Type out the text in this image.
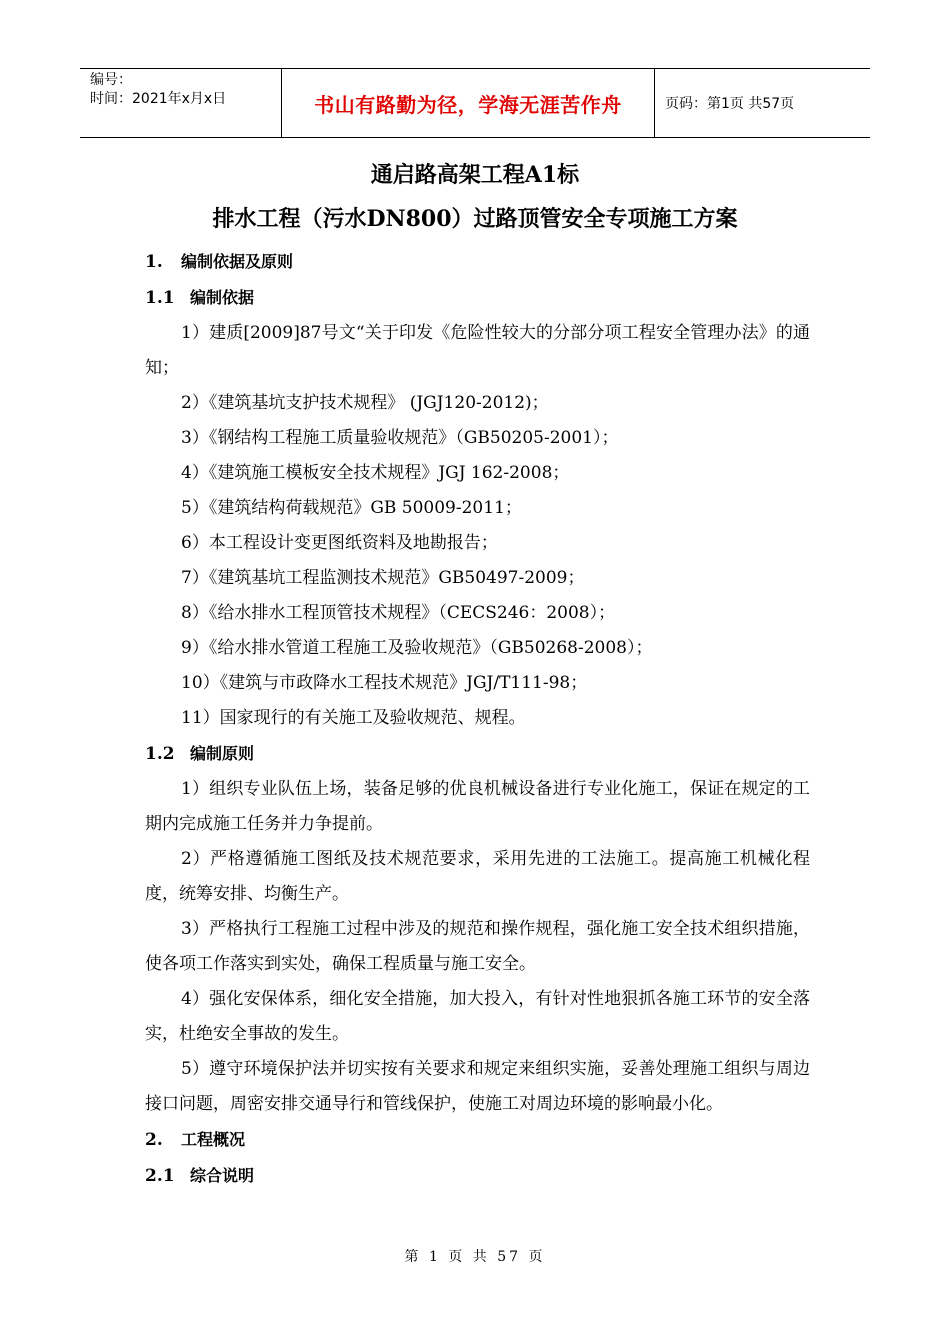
编号：
时间：2021年x月x日	书山有路勤为径，学海无涯苦作舟	页码：第1页 共57页
通启路高架工程A1标
排水工程（污水DN800）过路顶管安全专项施工方案
1.	编制依据及原则
1.1 编制依据

1）建质[2009]87号文“关于印发《危险性较大的分部分项工程安全管理办法》的通知；

2）《建筑基坑支护技术规程》 (JGJ120-2012)；

3）《钢结构工程施工质量验收规范》（GB50205-2001）；

4）《建筑施工模板安全技术规程》JGJ 162-2008；

5）《建筑结构荷载规范》GB 50009-2011；

6）本工程设计变更图纸资料及地勘报告；

7）《建筑基坑工程监测技术规范》GB50497-2009；

8）《给水排水工程顶管技术规程》（CECS246：2008）；

9）《给水排水管道工程施工及验收规范》（GB50268-2008）；

10）《建筑与市政降水工程技术规范》JGJ/T111-98；

11）国家现行的有关施工及验收规范、规程。

1.2 编制原则

1）组织专业队伍上场，装备足够的优良机械设备进行专业化施工，保证在规定的工期内完成施工任务并力争提前。

2）严格遵循施工图纸及技术规范要求，采用先进的工法施工。提高施工机械化程度，统筹安排、均衡生产。

3）严格执行工程施工过程中涉及的规范和操作规程，强化施工安全技术组织措施，使各项工作落实到实处，确保工程质量与施工安全。

4）强化安保体系，细化安全措施，加大投入，有针对性地狠抓各施工环节的安全落实，杜绝安全事故的发生。

5）遵守环境保护法并切实按有关要求和规定来组织实施，妥善处理施工组织与周边接口问题，周密安排交通导行和管线保护，使施工对周边环境的影响最小化。

2.	工程概况
2.1 综合说明
第 1 页 共 57 页
